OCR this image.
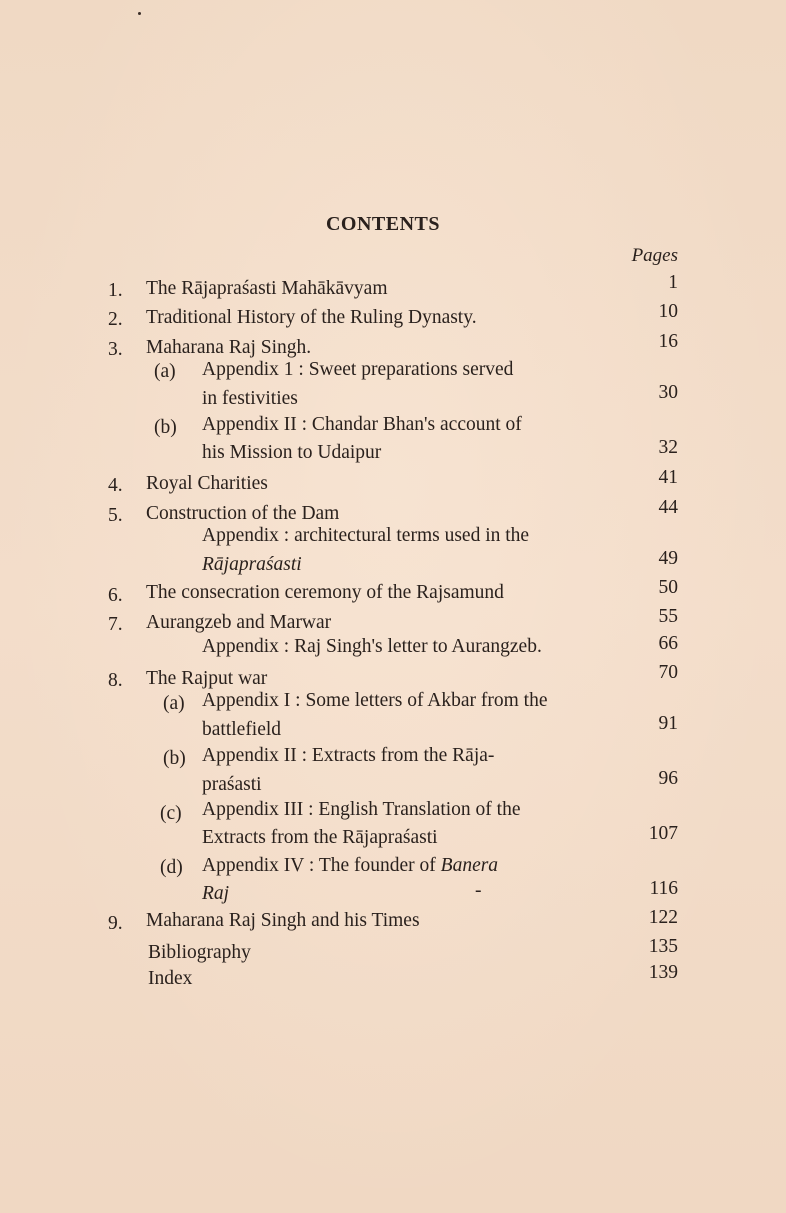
CONTENTS
Pages
1. The Rājapraśasti Mahākāvyam	1
2. Traditional History of the Ruling Dynasty.	10
3. Maharana Raj Singh.	16
(a) Appendix 1 : Sweet preparations served
in festivities	30
(b) Appendix II : Chandar Bhan's account of
his Mission to Udaipur	32
4. Royal Charities	41
5. Construction of the Dam	44
Appendix : architectural terms used in the
Rājapraśasti	49
6. The consecration ceremony of the Rajsamund	50
7. Aurangzeb and Marwar	55
Appendix : Raj Singh's letter to Aurangzeb.	66
8. The Rajput war	70
(a) Appendix I : Some letters of Akbar from the
battlefield	91
(b) Appendix II : Extracts from the Rāja-
praśasti	96
(c) Appendix III : English Translation of the
Extracts from the Rājapraśasti	107
(d) Appendix IV : The founder of Banera
Raj	-	116
9. Maharana Raj Singh and his Times	122
Bibliography	135
Index	139
